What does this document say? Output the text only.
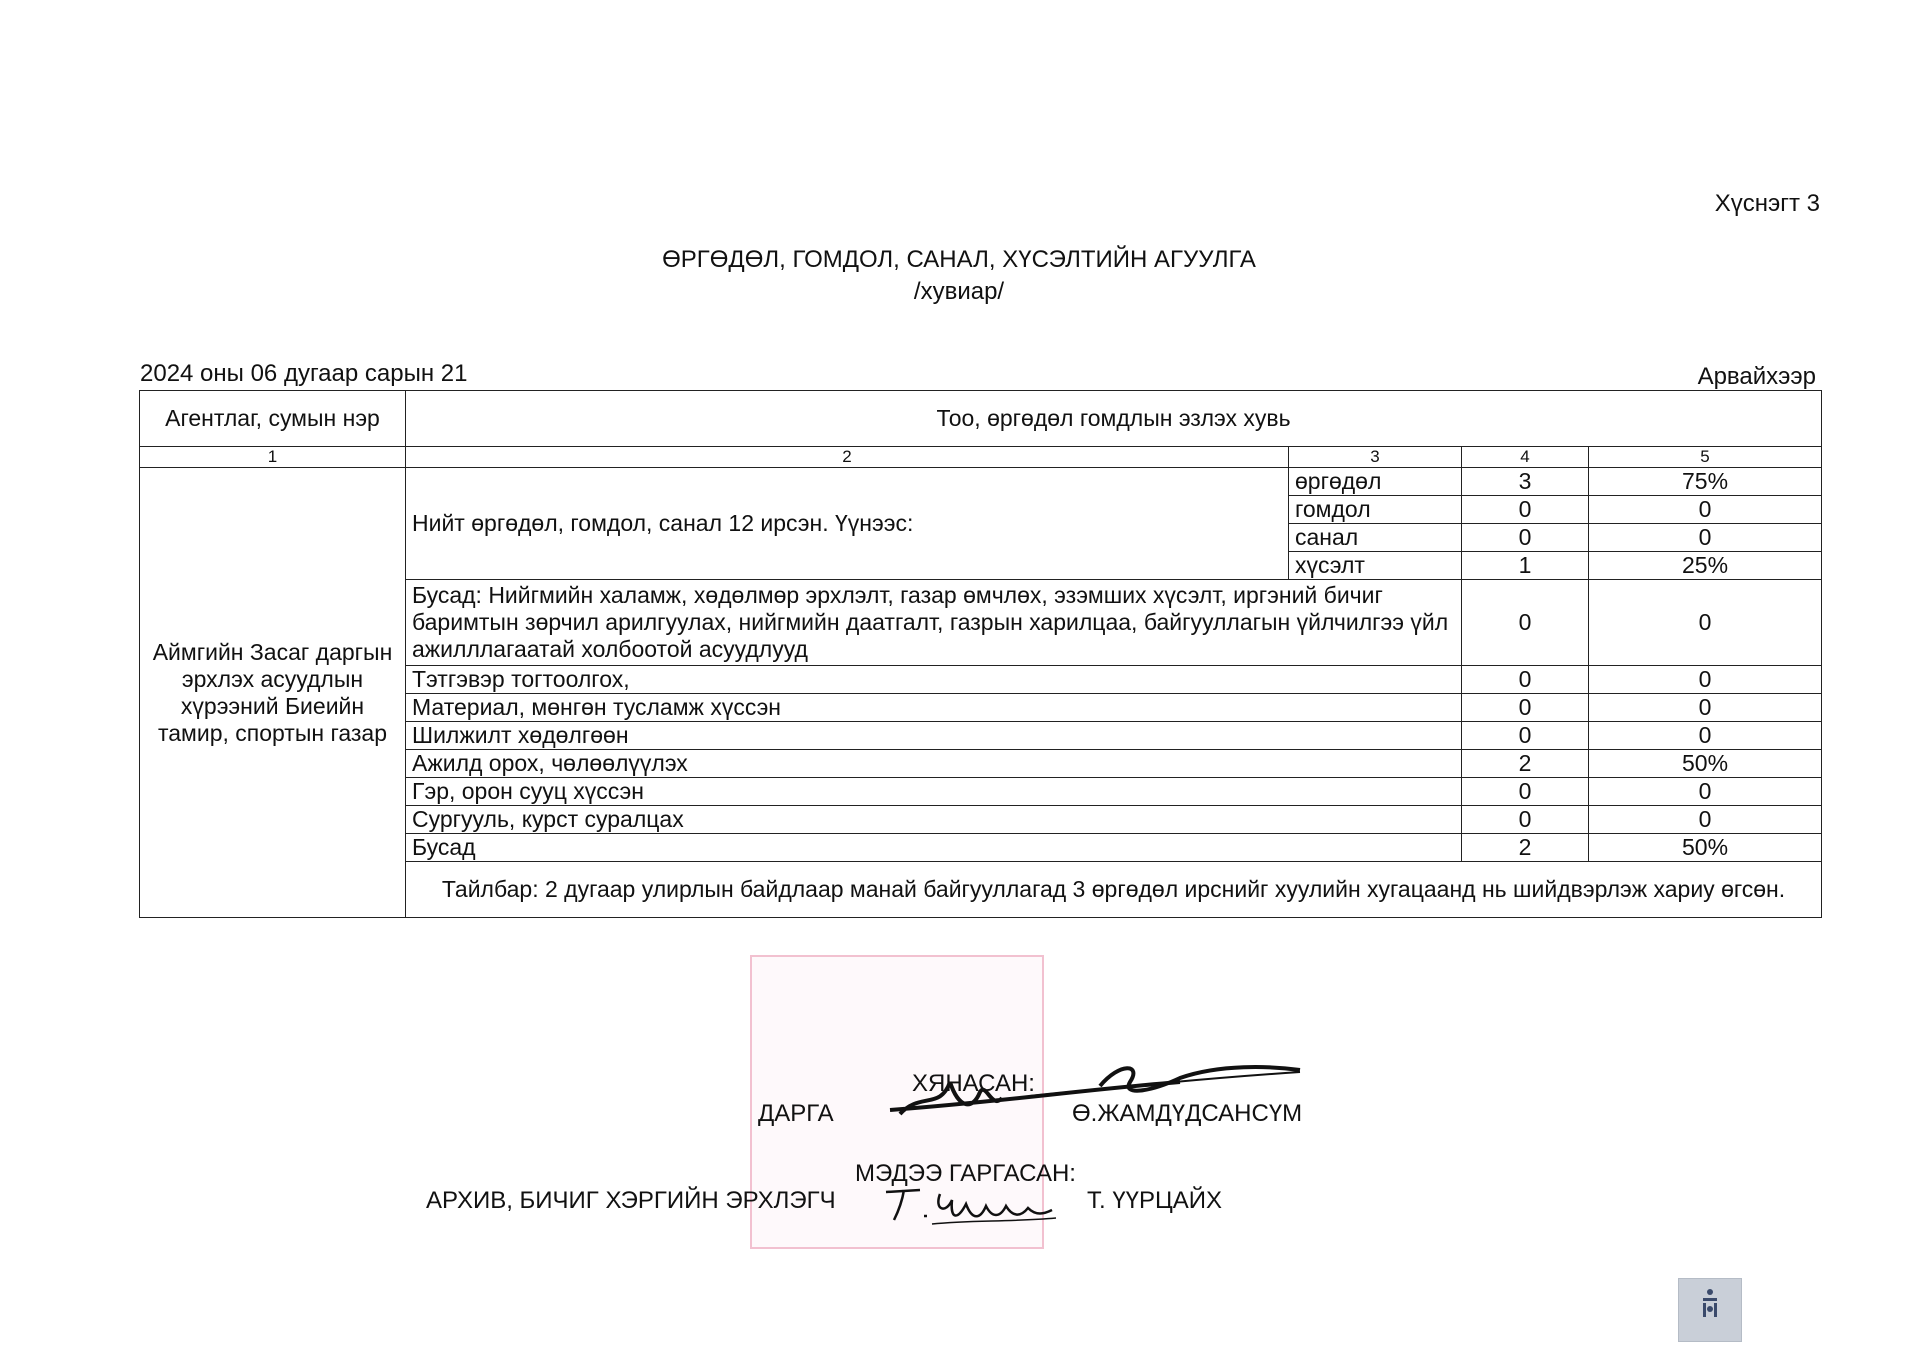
Хүснэгт 3
ӨРГӨДӨЛ, ГОМДОЛ, САНАЛ, ХҮСЭЛТИЙН АГУУЛГА
/хувиар/
2024 оны 06 дугаар сарын 21	Арвайхээр
Агентлаг, сумын нэр	Тоо, өргөдөл гомдлын эзлэх хувь			
1	2	3	4	5
Аймгийн Засаг даргын эрхлэх асуудлын хүрээний Биеийн тамир, спортын газар	Нийт өргөдөл, гомдол, санал 12 ирсэн. Үүнээс:	өргөдөл	3	75%
		гомдол	0	0
		санал	0	0
		хүсэлт	1	25%
	Бусад: Нийгмийн халамж, хөдөлмөр эрхлэлт, газар өмчлөх, эзэмших хүсэлт, иргэний бичиг баримтын зөрчил арилгуулах, нийгмийн даатгалт, газрын харилцаа, байгууллагын үйлчилгээ үйл ажилллагаатай холбоотой асуудлууд		0	0
	Тэтгэвэр тогтоолгох,		0	0
	Материал, мөнгөн тусламж хүссэн		0	0
	Шилжилт хөдөлгөөн		0	0
	Ажилд орох, чөлөөлүүлэх		2	50%
	Гэр, орон сууц хүссэн		0	0
	Сургууль, курст суралцах		0	0
	Бусад		2	50%
	Тайлбар: 2 дугаар улирлын байдлаар манай байгууллагад 3 өргөдөл ирснийг хуулийн хугацаанд нь шийдвэрлэж хариу өгсөн.			
ХЯНАСАН:
ДАРГА	Ө.ЖАМДҮДСАНСҮМ
МЭДЭЭ ГАРГАСАН:
АРХИВ, БИЧИГ ХЭРГИЙН ЭРХЛЭГЧ	Т. ҮҮРЦАЙХ
